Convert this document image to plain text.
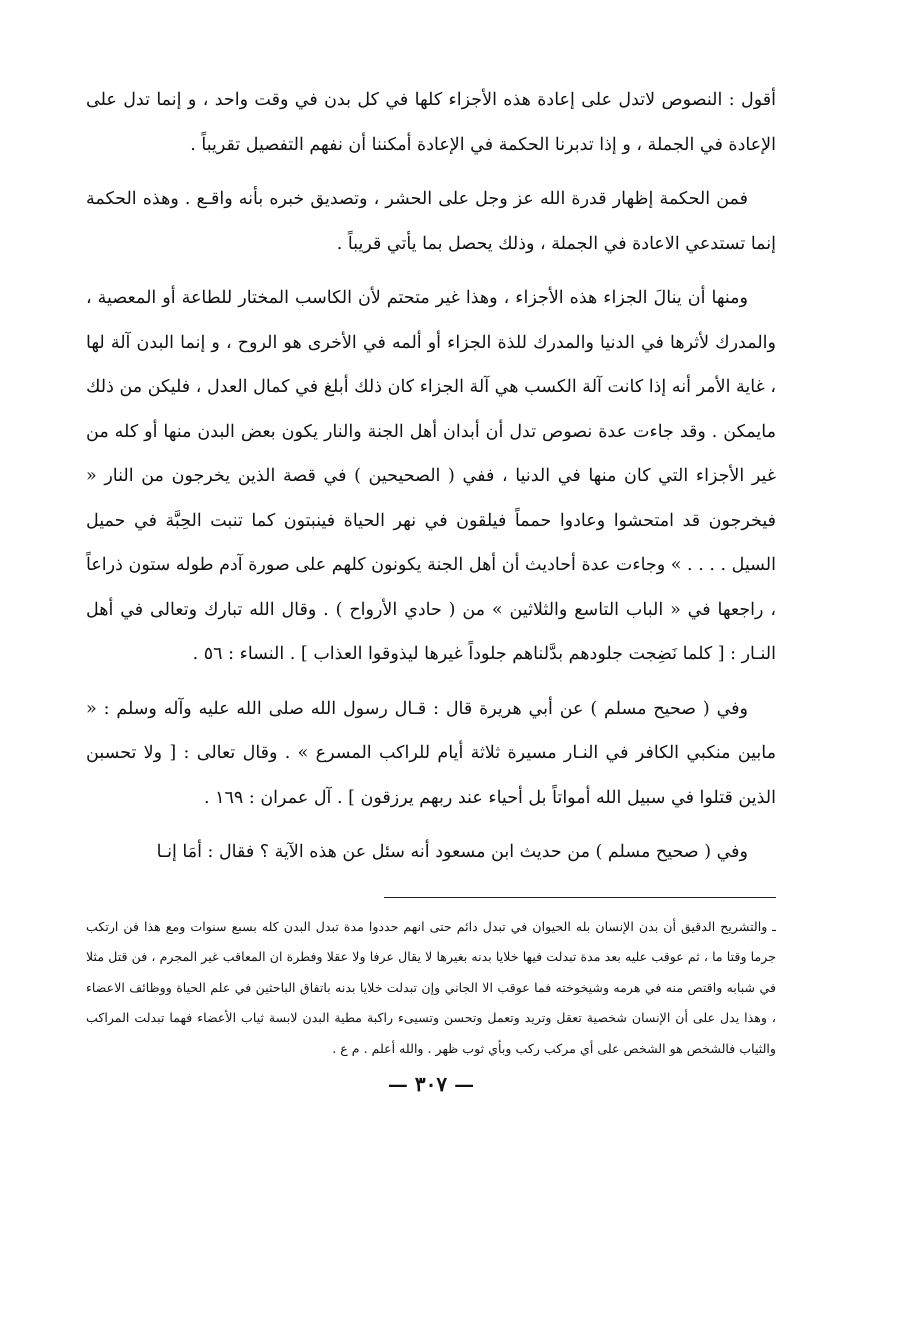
أقول : النصوص لاتدل على إعادة هذه الأجزاء كلها في كل بدن في وقت واحد ، و إنما تدل على الإعادة في الجملة ، و إذا تدبرنا الحكمة في الإعادة أمكننا أن نفهم التفصيل تقريباً .

فمن الحكمة إظهار قدرة الله عز وجل على الحشر ، وتصديق خبره بأنه واقـع . وهذه الحكمة إنما تستدعي الاعادة في الجملة ، وذلك يحصل بما يأتي قريباً .

ومنها أن ينالَ الجزاء هذه الأجزاء ، وهذا غير متحتم لأن الكاسب المختار للطاعة أو المعصية ، والمدرك لأثرها في الدنيا والمدرك للذة الجزاء أو ألمه في الأخرى هو الروح ، و إنما البدن آلة لها ، غاية الأمر أنه إذا كانت آلة الكسب هي آلة الجزاء كان ذلك أبلغ في كمال العدل ، فليكن من ذلك مايمكن . وقد جاءت عدة نصوص تدل أن أبدان أهل الجنة والنار يكون بعض البدن منها أو كله من غير الأجزاء التي كان منها في الدنيا ، ففي ( الصحيحين ) في قصة الذين يخرجون من النار « فيخرجون قد امتحشوا وعادوا حمماً فيلقون في نهر الحياة فينبتون كما تنبت الحِبَّة في حميل السيل . . . . » وجاءت عدة أحاديث أن أهل الجنة يكونون كلهم على صورة آدم طوله ستون ذراعاً ، راجعها في « الباب التاسع والثلاثين » من ( حادي الأرواح ) . وقال الله تبارك وتعالى في أهل النـار : [ كلما نَضِجت جلودهم بدَّلناهم جلوداً غيرها ليذوقوا العذاب ] . النساء : ٥٦ .

وفي ( صحيح مسلم ) عن أبي هريرة قال : قـال رسول الله صلى الله عليه وآله وسلم : « مابين منكبي الكافر في النـار مسيرة ثلاثة أيام للراكب المسرع » . وقال تعالى : [ ولا تحسبن الذين قتلوا في سبيل الله أمواتاً بل أحياء عند ربهم يرزقون ] . آل عمران : ١٦٩ .

وفي ( صحيح مسلم ) من حديث ابن مسعود أنه سئل عن هذه الآية ؟ فقال : أمَا إنـا

ـ والتشريح الدقيق أن بدن الإنسان بله الحيوان في تبدل دائم حتى انهم حددوا مدة تبدل البدن كله بسبع سنوات ومع هذا فن ارتكب جرما وقتا ما ، ثم عوقب عليه بعد مدة تبدلت فيها خلايا بدنه بغيرها لا يقال عرفا ولا عقلا وفطرة ان المعاقب غير المجرم ، فن قتل مثلا في شبابه واقتص منه في هرمه وشيخوخته فما عوقب الا الجاني وإن تبدلت خلايا بدنه باتفاق الباحثين في علم الحياة ووظائف الاعضاء ، وهذا يدل على أن الإنسان شخصية تعقل وتريد وتعمل وتحسن وتسيىء راكبة مطية البدن لابسة ثياب الأعضاء فهما تبدلت المراكب والثياب فالشخص هو الشخص على أي مركب ركب وبأي ثوب ظهر . والله أعلم . م ع .

— ٣٠٧ —
